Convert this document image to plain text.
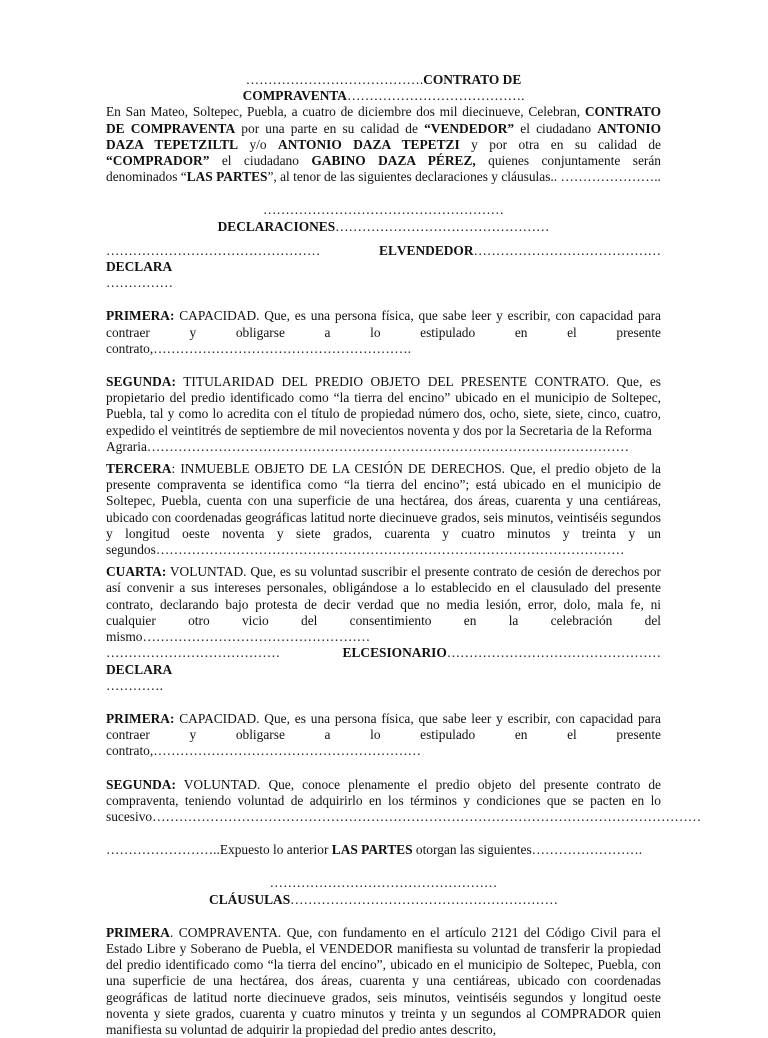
………………………………….CONTRATO DE COMPRAVENTA………………………………….

En San Mateo, Soltepec, Puebla, a cuatro de diciembre dos mil diecinueve, Celebran, CONTRATO DE COMPRAVENTA por una parte en su calidad de “VENDEDOR” el ciudadano ANTONIO DAZA TEPETZILTL y/o ANTONIO DAZA TEPETZI y por otra en su calidad de “COMPRADOR” el ciudadano GABINO DAZA PÉREZ, quienes conjuntamente serán denominados “LAS PARTES”, al tenor de las siguientes declaraciones y cláusulas.. …………………..

………………………………………………DECLARACIONES…………………………………………

…………………………………………DECLARA
EL VENDEDOR……………………………………

……………

PRIMERA: CAPACIDAD. Que, es una persona física, que sabe leer y escribir, con capacidad para contraer y obligarse a lo estipulado en el presente contrato,………………………………………………….

SEGUNDA: TITULARIDAD DEL PREDIO OBJETO DEL PRESENTE CONTRATO. Que, es propietario del predio identificado como “la tierra del encino” ubicado en el municipio de Soltepec, Puebla, tal y como lo acredita con el título de propiedad número dos, ocho, siete, siete, cinco, cuatro, expedido el veintitrés de septiembre de mil novecientos noventa y dos por la Secretaria de la Reforma

Agraria………………………………………………………………………………………………

TERCERA: INMUEBLE OBJETO DE LA CESIÓN DE DERECHOS. Que, el predio objeto de la presente compraventa se identifica como “la tierra del encino”; está ubicado en el municipio de Soltepec, Puebla, cuenta con una superficie de una hectárea, dos áreas, cuarenta y una centiáreas, ubicado con coordenadas geográficas latitud norte diecinueve grados, seis minutos, veintiséis segundos y longitud oeste noventa y siete grados, cuarenta y cuatro minutos y treinta y un segundos……………………………………………………………………………………………

CUARTA: VOLUNTAD. Que, es su voluntad suscribir el presente contrato de cesión de derechos por así convenir a sus intereses personales, obligándose a lo establecido en el clausulado del presente contrato, declarando bajo protesta de decir verdad que no media lesión, error, dolo, mala fe, ni cualquier otro vicio del consentimiento en la celebración del mismo……………………………………………

…………………………………DECLARA
EL CESIONARIO…………………………………………

………….

PRIMERA: CAPACIDAD. Que, es una persona física, que sabe leer y escribir, con capacidad para contraer y obligarse a lo estipulado en el presente contrato,……………………………………………………

SEGUNDA: VOLUNTAD. Que, conoce plenamente el predio objeto del presente contrato de compraventa, teniendo voluntad de adquirirlo en los términos y condiciones que se pacten en lo sucesivo……………………………………………………………………………………………………………

……………………..Expuesto lo anterior LAS PARTES otorgan las siguientes…………………….

……………………………………………CLÁUSULAS……………………………………………………

PRIMERA. COMPRAVENTA. Que, con fundamento en el artículo 2121 del Código Civil para el Estado Libre y Soberano de Puebla, el VENDEDOR manifiesta su voluntad de transferir la propiedad del predio identificado como “la tierra del encino”, ubicado en el municipio de Soltepec, Puebla, con una superficie de una hectárea, dos áreas, cuarenta y una centiáreas, ubicado con coordenadas geográficas de latitud norte diecinueve grados, seis minutos, veintiséis segundos y longitud oeste noventa y siete grados, cuarenta y cuatro minutos y treinta y un segundos al COMPRADOR quien manifiesta su voluntad de adquirir la propiedad del predio antes descrito,
